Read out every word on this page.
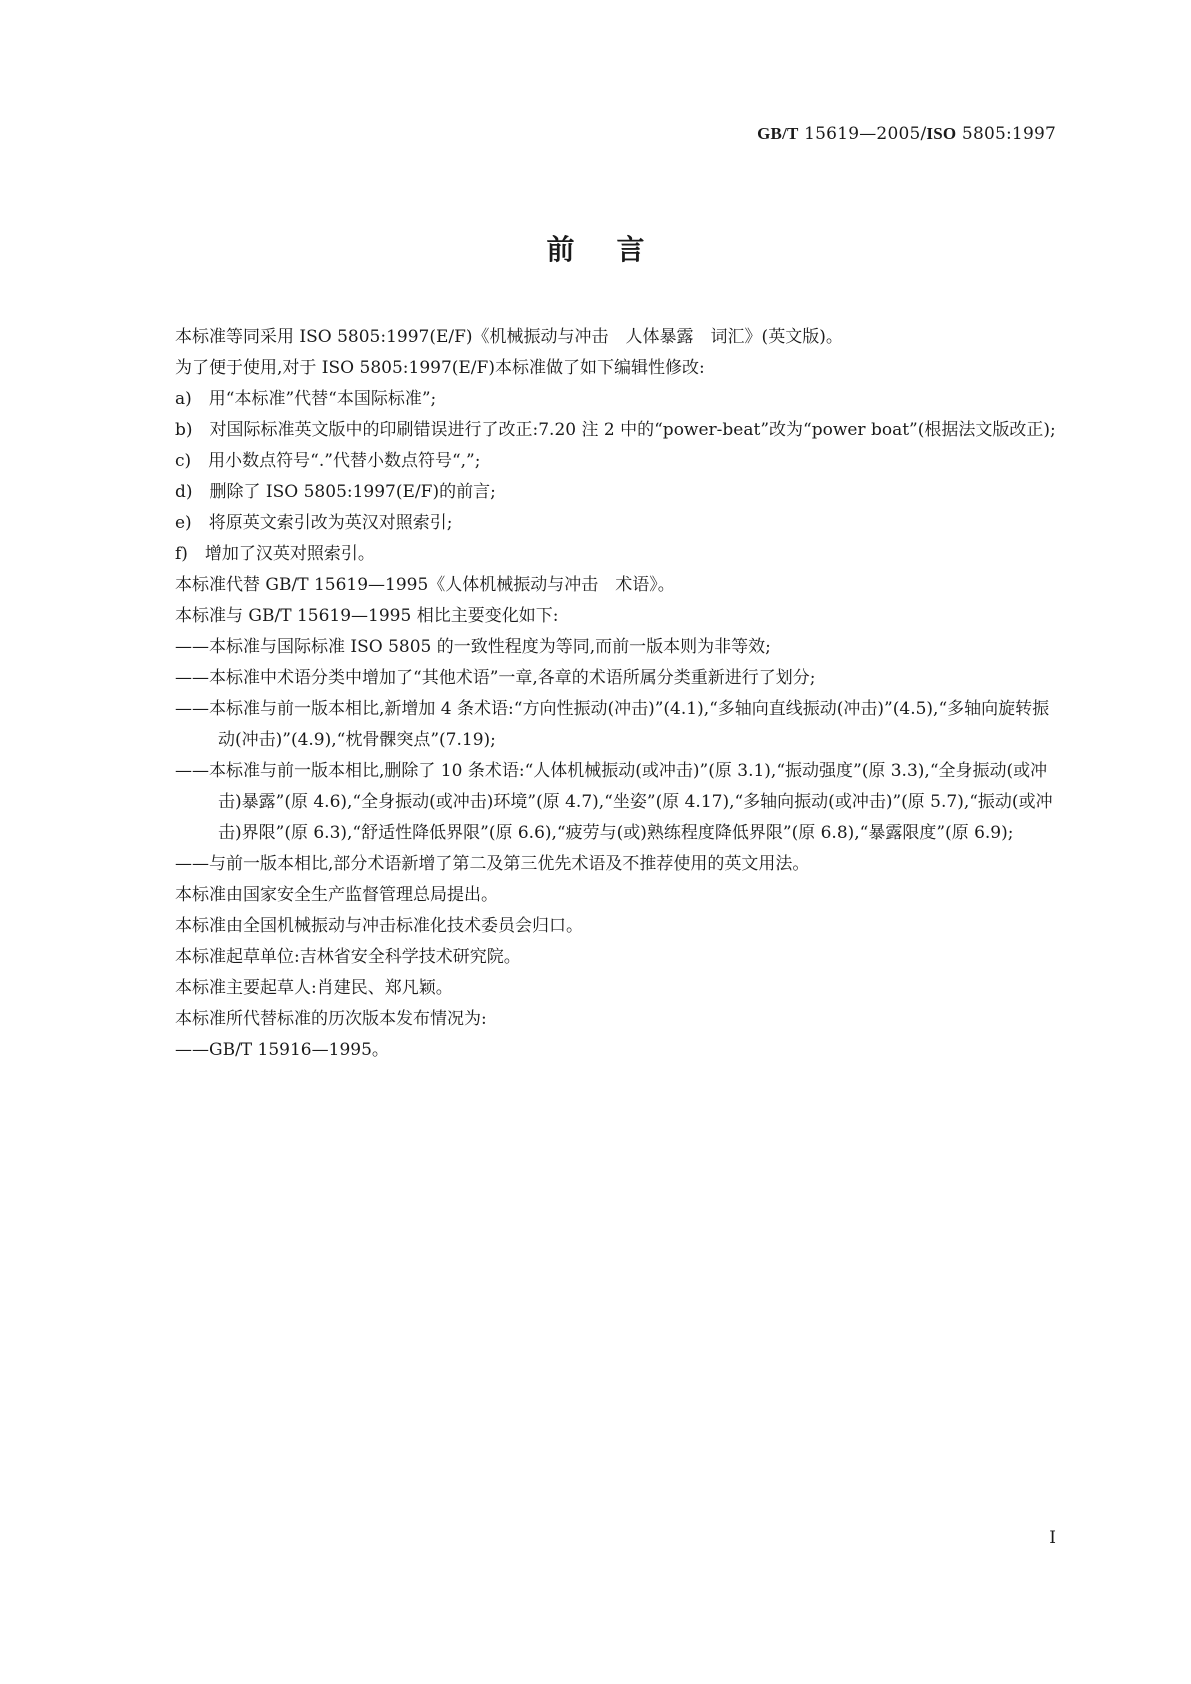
GB/T 15619—2005/ISO 5805:1997
前言

本标准等同采用 ISO 5805:1997(E/F)《机械振动与冲击　人体暴露　词汇》(英文版)。

为了便于使用,对于 ISO 5805:1997(E/F)本标准做了如下编辑性修改:

a)　用“本标准”代替“本国际标准”;

b)　对国际标准英文版中的印刷错误进行了改正:7.20 注 2 中的“power-beat”改为“power boat”(根据法文版改正);

c)　用小数点符号“.”代替小数点符号“,”;

d)　删除了 ISO 5805:1997(E/F)的前言;

e)　将原英文索引改为英汉对照索引;

f)　增加了汉英对照索引。

本标准代替 GB/T 15619—1995《人体机械振动与冲击　术语》。

本标准与 GB/T 15619—1995 相比主要变化如下:

——本标准与国际标准 ISO 5805 的一致性程度为等同,而前一版本则为非等效;

——本标准中术语分类中增加了“其他术语”一章,各章的术语所属分类重新进行了划分;

——本标准与前一版本相比,新增加 4 条术语:“方向性振动(冲击)”(4.1),“多轴向直线振动(冲击)”(4.5),“多轴向旋转振动(冲击)”(4.9),“枕骨髁突点”(7.19);

——本标准与前一版本相比,删除了 10 条术语:“人体机械振动(或冲击)”(原 3.1),“振动强度”(原 3.3),“全身振动(或冲击)暴露”(原 4.6),“全身振动(或冲击)环境”(原 4.7),“坐姿”(原 4.17),“多轴向振动(或冲击)”(原 5.7),“振动(或冲击)界限”(原 6.3),“舒适性降低界限”(原 6.6),“疲劳与(或)熟练程度降低界限”(原 6.8),“暴露限度”(原 6.9);

——与前一版本相比,部分术语新增了第二及第三优先术语及不推荐使用的英文用法。

本标准由国家安全生产监督管理总局提出。

本标准由全国机械振动与冲击标准化技术委员会归口。

本标准起草单位:吉林省安全科学技术研究院。

本标准主要起草人:肖建民、郑凡颖。

本标准所代替标准的历次版本发布情况为:

——GB/T 15916—1995。

I
